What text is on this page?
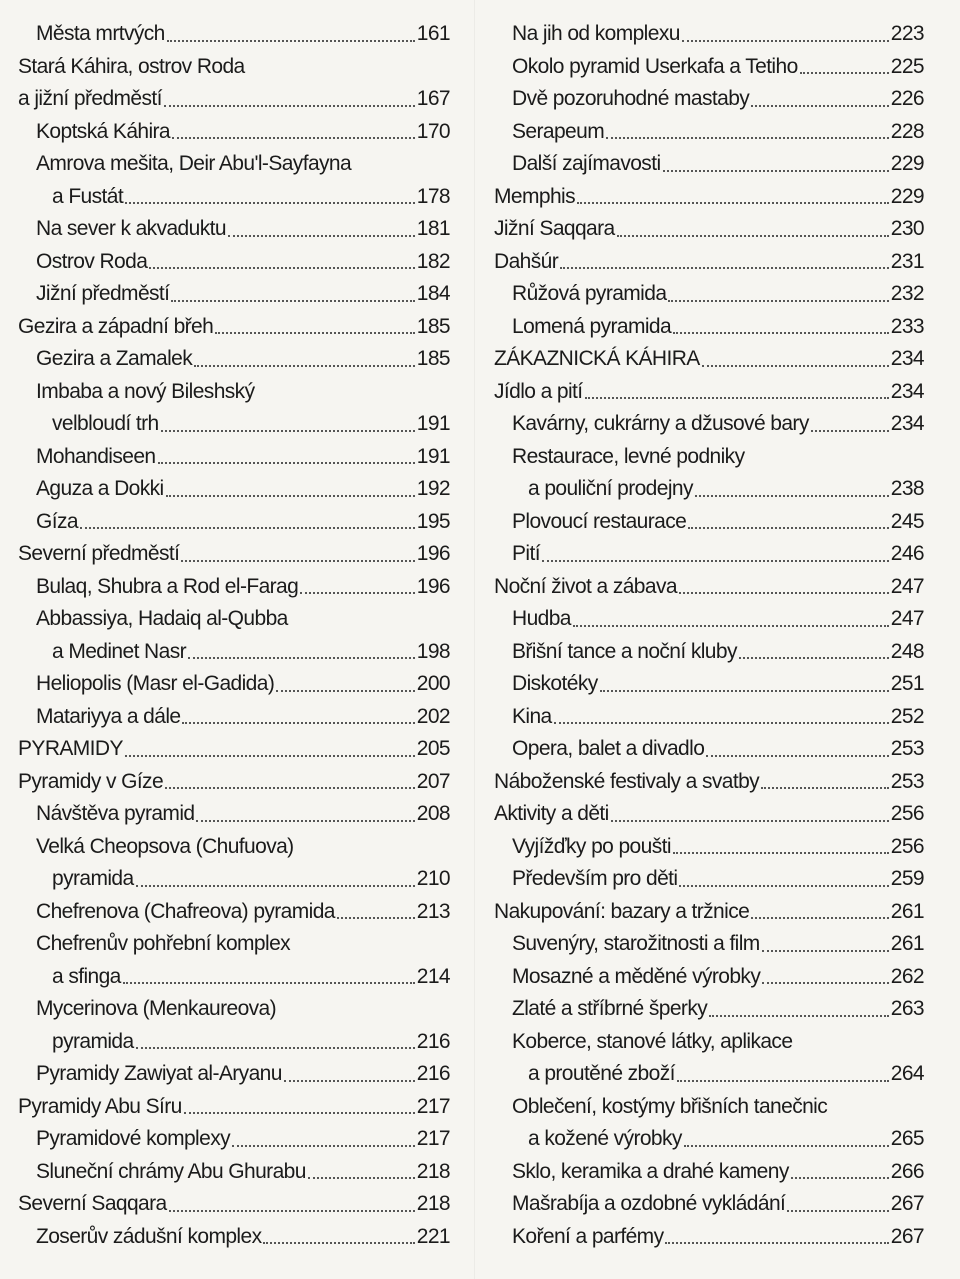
Města mrtvých	161
Stará Káhira, ostrov Roda
a jižní předměstí	167
Koptská Káhira	170
Amrova mešita, Deir Abu'l-Sayfayna
a Fustát	178
Na sever k akvaduktu	181
Ostrov Roda	182
Jižní předměstí	184
Gezira a západní břeh	185
Gezira a Zamalek	185
Imbaba a nový Bileshský
velbloudí trh	191
Mohandiseen	191
Aguza a Dokki	192
Gíza	195
Severní předměstí	196
Bulaq, Shubra a Rod el-Farag	196
Abbassiya, Hadaiq al-Qubba
a Medinet Nasr	198
Heliopolis (Masr el-Gadida)	200
Matariyya a dále	202
PYRAMIDY	205
Pyramidy v Gíze	207
Návštěva pyramid	208
Velká Cheopsova (Chufuova)
pyramida	210
Chefrenova (Chafreova) pyramida	213
Chefrenův pohřební komplex
a sfinga	214
Mycerinova (Menkaureova)
pyramida	216
Pyramidy Zawiyat al-Aryanu	216
Pyramidy Abu Síru	217
Pyramidové komplexy	217
Sluneční chrámy Abu Ghurabu	218
Severní Saqqara	218
Zoserův zádušní komplex	221
Na jih od komplexu	223
Okolo pyramid Userkafa a Tetiho	225
Dvě pozoruhodné mastaby	226
Serapeum	228
Další zajímavosti	229
Memphis	229
Jižní Saqqara	230
Dahšúr	231
Růžová pyramida	232
Lomená pyramida	233
ZÁKAZNICKÁ KÁHIRA	234
Jídlo a pití	234
Kavárny, cukrárny a džusové bary	234
Restaurace, levné podniky
a pouliční prodejny	238
Plovoucí restaurace	245
Pití	246
Noční život a zábava	247
Hudba	247
Břišní tance a noční kluby	248
Diskotéky	251
Kina	252
Opera, balet a divadlo	253
Náboženské festivaly a svatby	253
Aktivity a děti	256
Vyjížďky po poušti	256
Především pro děti	259
Nakupování: bazary a tržnice	261
Suvenýry, starožitnosti a film	261
Mosazné a měděné výrobky	262
Zlaté a stříbrné šperky	263
Koberce, stanové látky, aplikace
a proutěné zboží	264
Oblečení, kostýmy břišních tanečnic
a kožené výrobky	265
Sklo, keramika a drahé kameny	266
Mašrabíja a ozdobné vykládání	267
Koření a parfémy	267
